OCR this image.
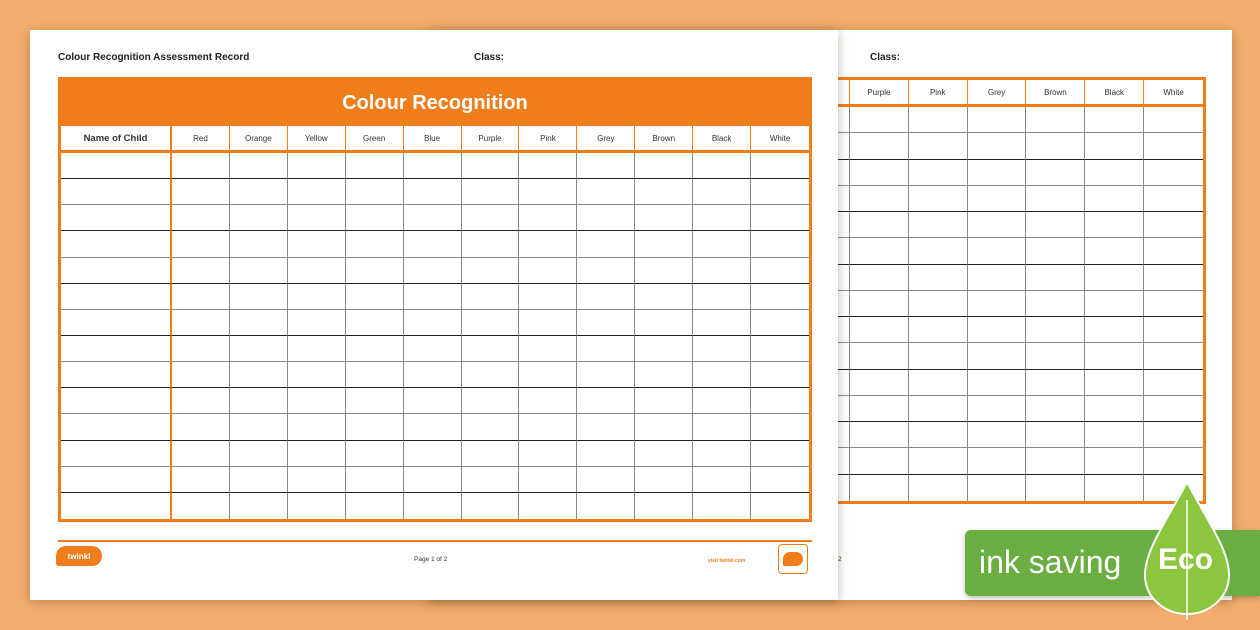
Class:
Purple	Pink	Grey	Brown	Black	White
2
Colour Recognition Assessment Record	Class:
Colour Recognition
Name of Child	Red	Orange	Yellow	Green	Blue	Purple	Pink	Grey	Brown	Black	White
twinkl	Page 1 of 2	visit twinkl.com	ink saving Eco
